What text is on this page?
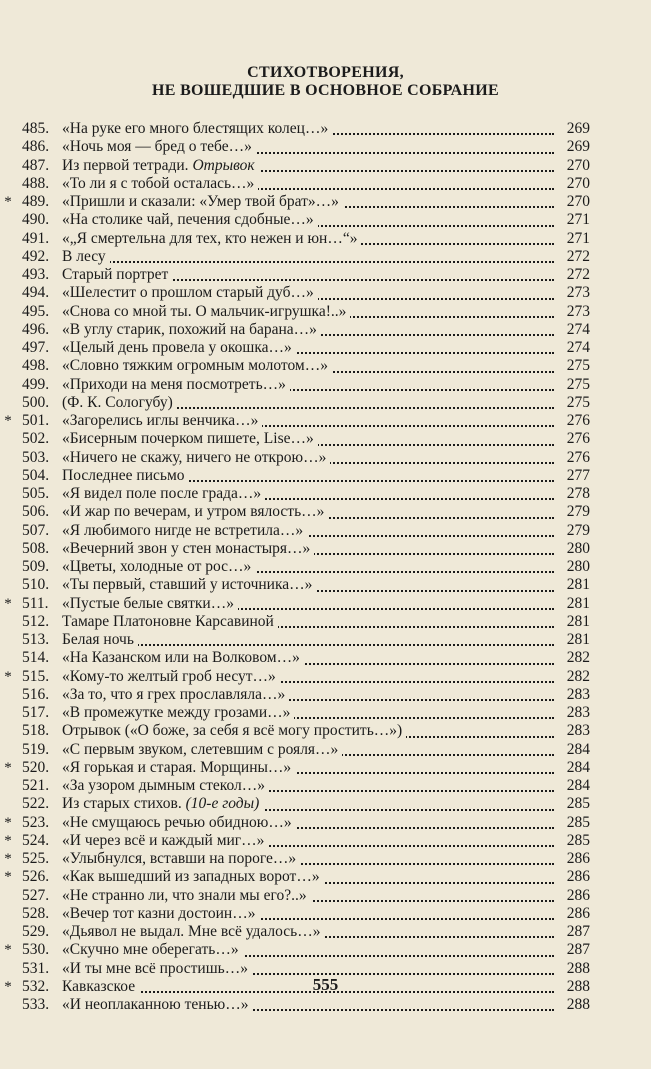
СТИХОТВОРЕНИЯ,
НЕ ВОШЕДШИЕ В ОСНОВНОЕ СОБРАНИЕ
485. «На руке его много блестящих колец…»	269
486. «Ночь моя — бред о тебе…»	269
487. Из первой тетради. Отрывок	270
488. «То ли я с тобой осталась…»	270
* 489. «Пришли и сказали: «Умер твой брат»…»	270
490. «На столике чай, печения сдобные…»	271
491. «„Я смертельна для тех, кто нежен и юн…“»	271
492. В лесу	272
493. Старый портрет	272
494. «Шелестит о прошлом старый дуб…»	273
495. «Снова со мной ты. О мальчик-игрушка!..»	273
496. «В углу старик, похожий на барана…»	274
497. «Целый день провела у окошка…»	274
498. «Словно тяжким огромным молотом…»	275
499. «Приходи на меня посмотреть…»	275
500. (Ф. К. Сологубу)	275
* 501. «Загорелись иглы венчика…»	276
502. «Бисерным почерком пишете, Lise…»	276
503. «Ничего не скажу, ничего не открою…»	276
504. Последнее письмо	277
505. «Я видел поле после града…»	278
506. «И жар по вечерам, и утром вялость…»	279
507. «Я любимого нигде не встретила…»	279
508. «Вечерний звон у стен монастыря…»	280
509. «Цветы, холодные от рос…»	280
510. «Ты первый, ставший у источника…»	281
* 511. «Пустые белые святки…»	281
512. Тамаре Платоновне Карсавиной	281
513. Белая ночь	281
514. «На Казанском или на Волковом…»	282
* 515. «Кому-то желтый гроб несут…»	282
516. «За то, что я грех прославляла…»	283
517. «В промежутке между грозами…»	283
518. Отрывок («О боже, за себя я всё могу простить…»)	283
519. «С первым звуком, слетевшим с рояля…»	284
* 520. «Я горькая и старая. Морщины…»	284
521. «За узором дымным стекол…»	284
522. Из старых стихов. (10-е годы)	285
* 523. «Не смущаюсь речью обидною…»	285
* 524. «И через всё и каждый миг…»	285
* 525. «Улыбнулся, вставши на пороге…»	286
* 526. «Как вышедший из западных ворот…»	286
527. «Не странно ли, что знали мы его?..»	286
528. «Вечер тот казни достоин…»	286
529. «Дьявол не выдал. Мне всё удалось…»	287
* 530. «Скучно мне оберегать…»	287
531. «И ты мне всё простишь…»	288
* 532. Кавказское	288
533. «И неоплаканною тенью…»	288
555
